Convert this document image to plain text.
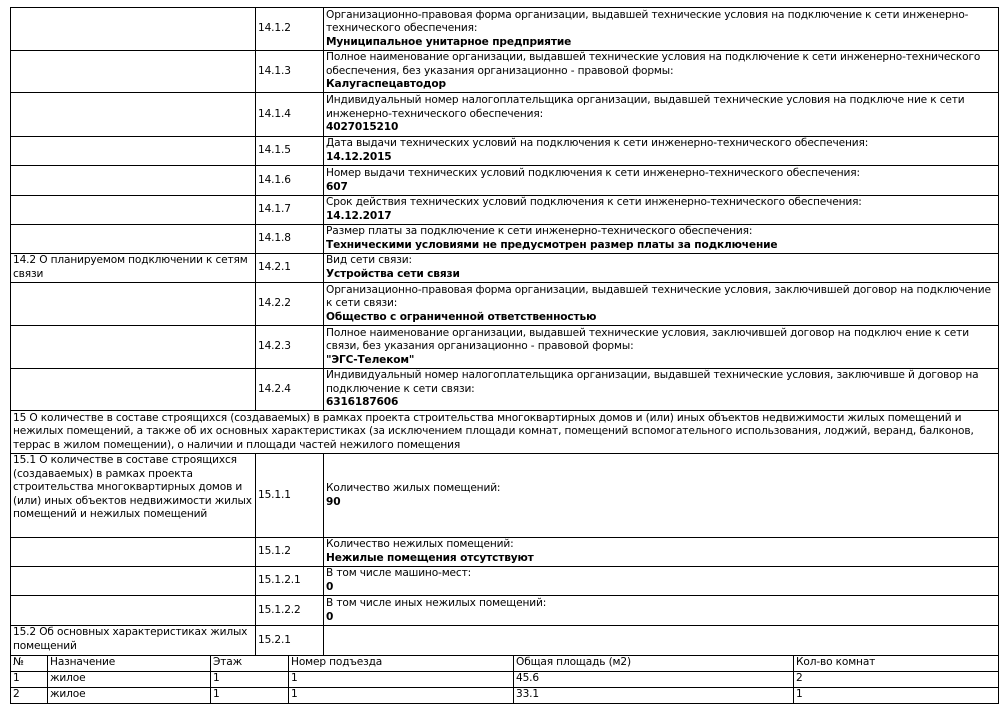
	14.1.2	Организационно-правовая форма организации, выдавшей технические условия на подключение к сети инженерно-технического обеспечения:
Муниципальное унитарное предприятие

	14.1.3	Полное наименование организации, выдавшей технические условия на подключение к сети инженерно-технического обеспечения, без указания организационно - правовой формы:
Калугаспецавтодор

	14.1.4	Индивидуальный номер налогоплательщика организации, выдавшей технические условия на подключе ние к сети инженерно-технического обеспечения:
4027015210

	14.1.5	Дата выдачи технических условий на подключения к сети инженерно-технического обеспечения:
14.12.2015

	14.1.6	Номер выдачи технических условий подключения к сети инженерно-технического обеспечения:
607

	14.1.7	Срок действия технических условий подключения к сети инженерно-технического обеспечения:
14.12.2017

	14.1.8	Размер платы за подключение к сети инженерно-технического обеспечения:
Техническими условиями не предусмотрен размер платы за подключение

14.2 О планируемом подключении к сетям связи	14.2.1	Вид сети связи:
Устройства сети связи

	14.2.2	Организационно-правовая форма организации, выдавшей технические условия, заключившей договор на подключение к сети связи:
Общество с ограниченной ответственностью

	14.2.3	Полное наименование организации, выдавшей технические условия, заключившей договор на подключ ение к сети связи, без указания организационно - правовой формы:
"ЭГС-Телеком"

	14.2.4	Индивидуальный номер налогоплательщика организации, выдавшей технические условия, заключивше й договор на подключение к сети связи:
6316187606

15 О количестве в составе строящихся (создаваемых) в рамках проекта строительства многоквартирных домов и (или) иных объектов недвижимости жилых помещений и нежилых помещений, а также об их основных характеристиках (за исключением площади комнат, помещений вспомогательного использования, лоджий, веранд, балконов, террас в жилом помещении), о наличии и площади частей нежилого помещения		
15.1 О количестве в составе строящихся (создаваемых) в рамках проекта строительства многоквартирных домов и (или) иных объектов недвижимости жилых помещений и нежилых помещений	15.1.1	Количество жилых помещений:
90

	15.1.2	Количество нежилых помещений:
Нежилые помещения отсутствуют

	15.1.2.1	В том числе машино-мест:
0

	15.1.2.2	В том числе иных нежилых помещений:
0

15.2 Об основных характеристиках жилых помещений	15.2.1	
№	Назначение	Этаж	Номер подъезда	Общая площадь (м2)	Кол-во комнат
1	жилое	1	1	45.6	2
2	жилое	1	1	33.1	1
